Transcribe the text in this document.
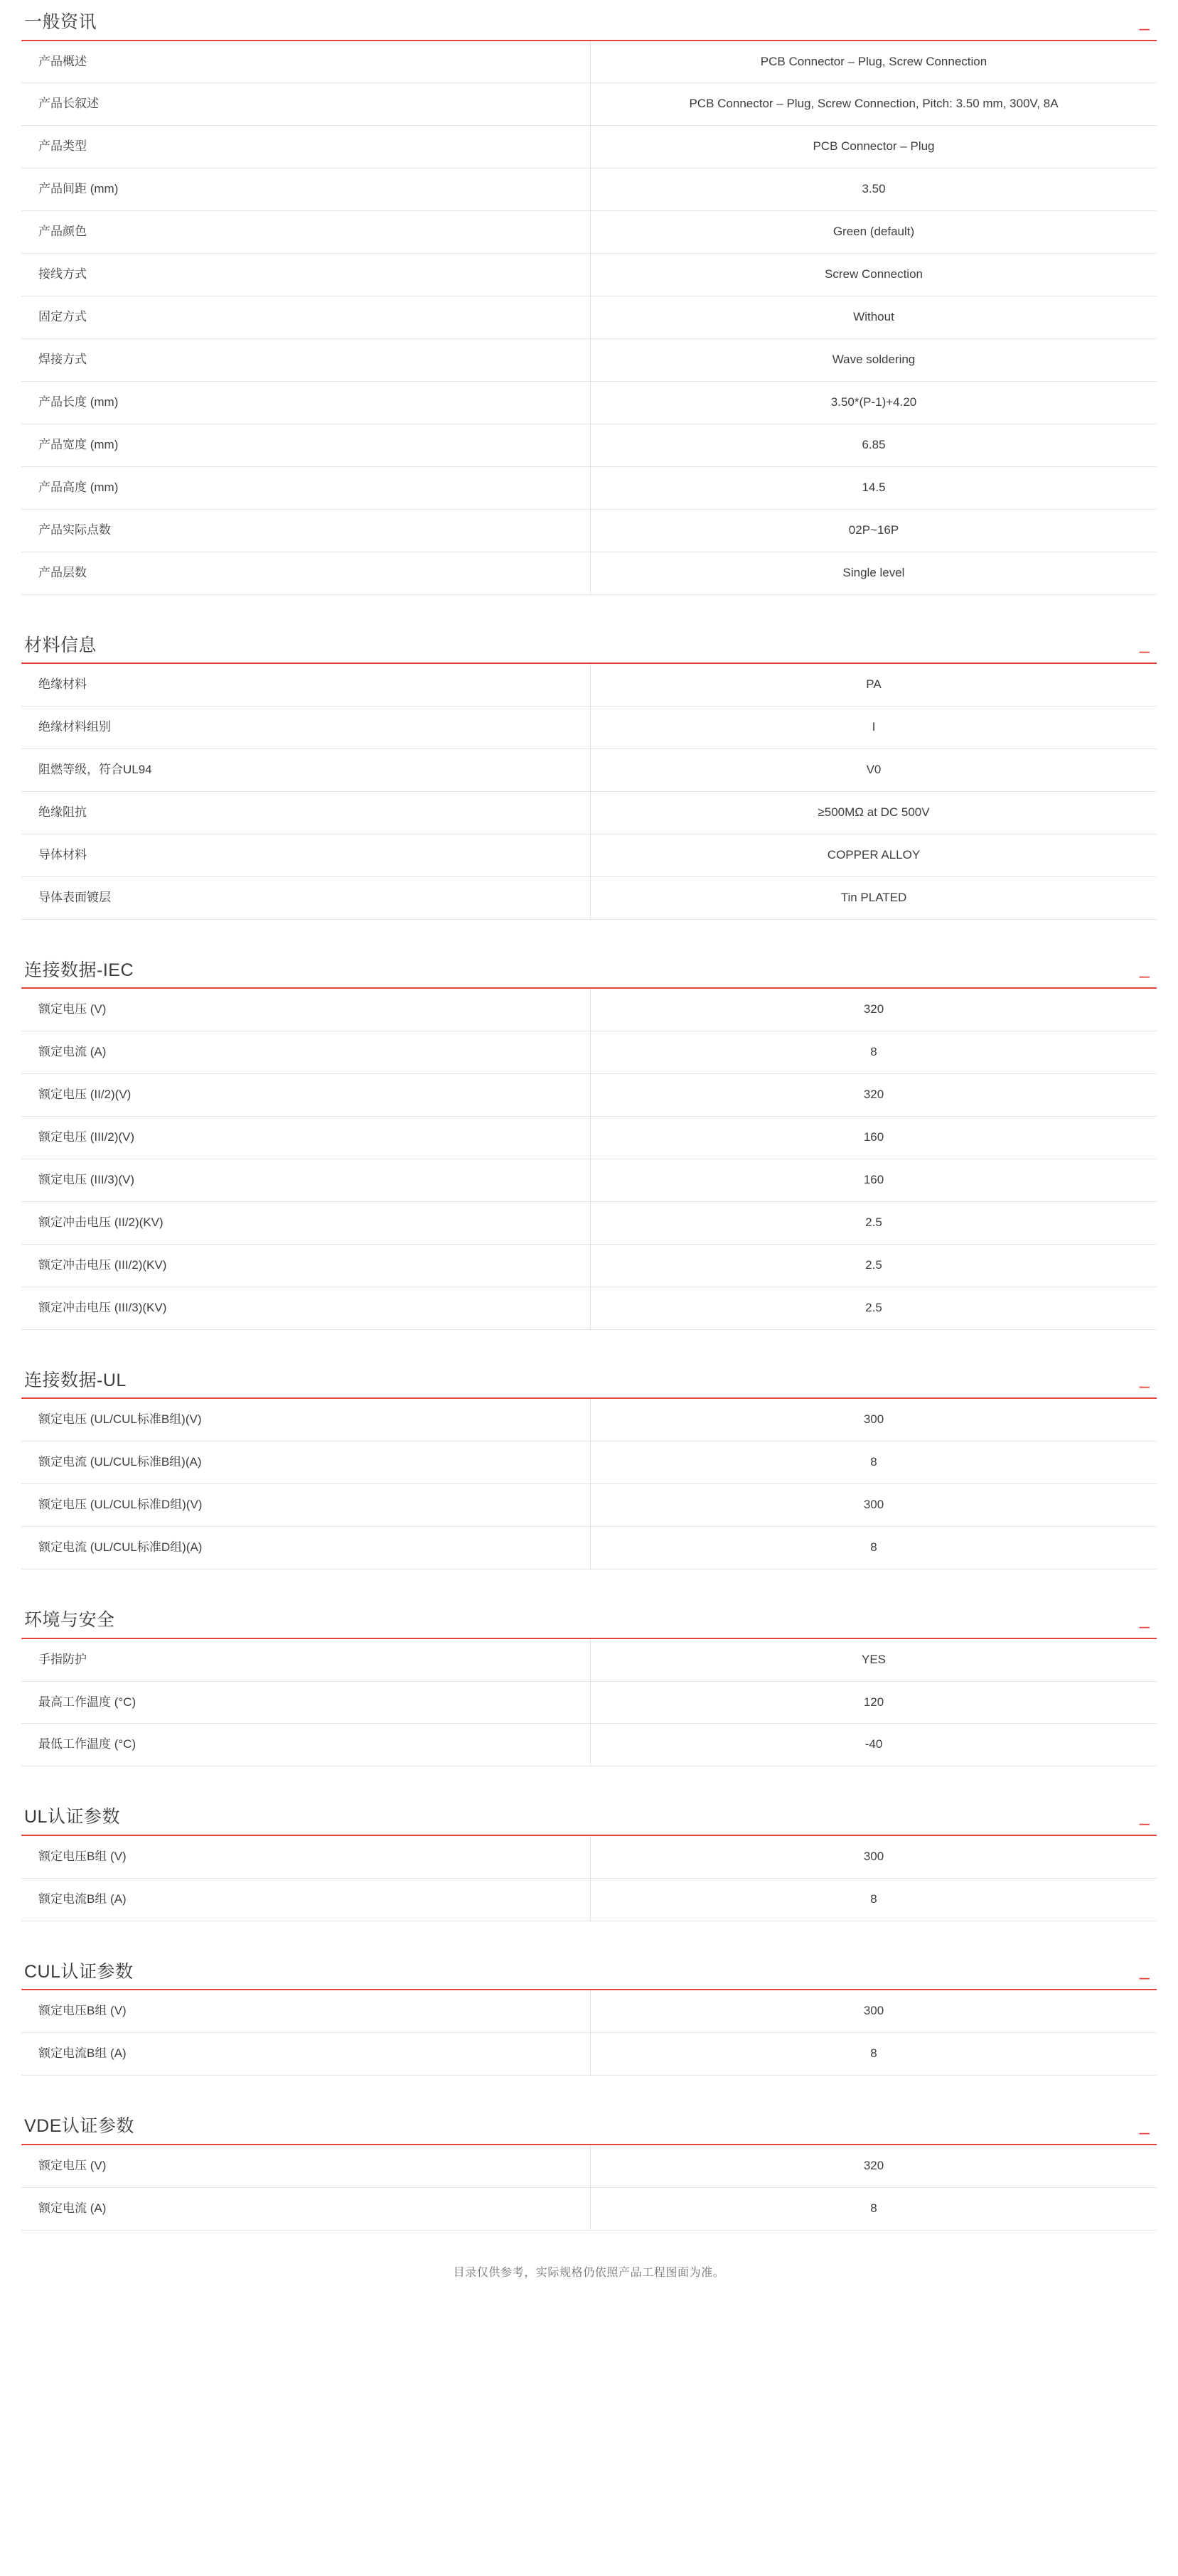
一般资讯	–
产品概述	PCB Connector – Plug, Screw Connection
产品长叙述	PCB Connector – Plug, Screw Connection, Pitch: 3.50 mm, 300V, 8A
产品类型	PCB Connector – Plug
产品间距 (mm)	3.50
产品颜色	Green (default)
接线方式	Screw Connection
固定方式	Without
焊接方式	Wave soldering
产品长度 (mm)	3.50*(P-1)+4.20
产品宽度 (mm)	6.85
产品高度 (mm)	14.5
产品实际点数	02P~16P
产品层数	Single level
材料信息	–
绝缘材料	PA
绝缘材料组别	I
阻燃等级，符合UL94	V0
绝缘阻抗	≥500MΩ at DC 500V
导体材料	COPPER ALLOY
导体表面镀层	Tin PLATED
连接数据-IEC	–
额定电压 (V)	320
额定电流 (A)	8
额定电压 (II/2)(V)	320
额定电压 (III/2)(V)	160
额定电压 (III/3)(V)	160
额定冲击电压 (II/2)(KV)	2.5
额定冲击电压 (III/2)(KV)	2.5
额定冲击电压 (III/3)(KV)	2.5
连接数据-UL	–
额定电压 (UL/CUL标准B组)(V)	300
额定电流 (UL/CUL标准B组)(A)	8
额定电压 (UL/CUL标准D组)(V)	300
额定电流 (UL/CUL标准D组)(A)	8
环境与安全	–
手指防护	YES
最高工作温度 (°C)	120
最低工作温度 (°C)	-40
UL认证参数	–
额定电压B组 (V)	300
额定电流B组 (A)	8
CUL认证参数	–
额定电压B组 (V)	300
额定电流B组 (A)	8
VDE认证参数	–
额定电压 (V)	320
额定电流 (A)	8
目录仅供参考，实际规格仍依照产品工程图面为准。
